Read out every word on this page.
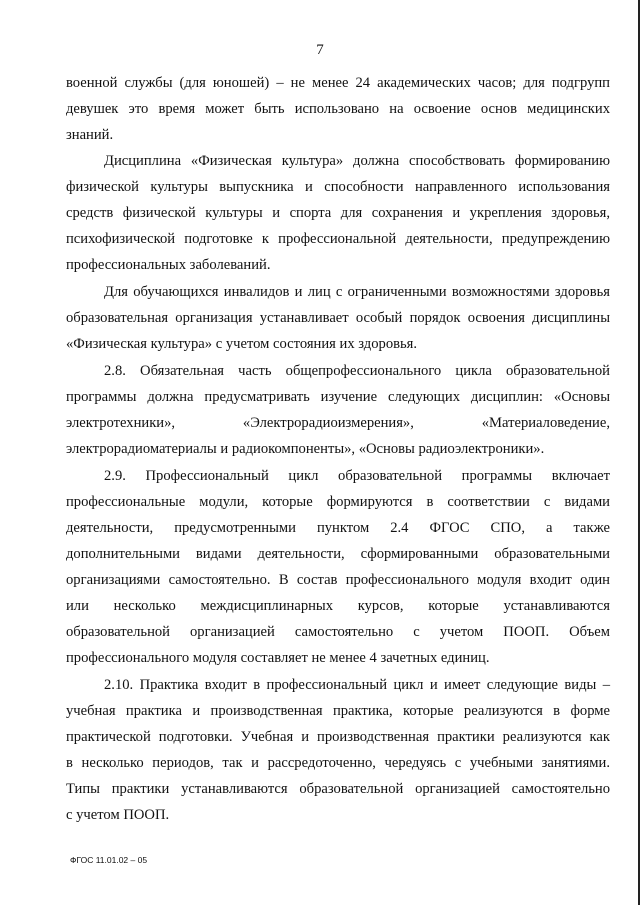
7
военной службы (для юношей) – не менее 24 академических часов; для подгрупп
девушек это время может быть использовано на освоение основ медицинских
знаний.
Дисциплина «Физическая культура» должна способствовать формированию
физической культуры выпускника и способности направленного использования
средств физической культуры и спорта для сохранения и укрепления здоровья,
психофизической подготовке к профессиональной деятельности, предупреждению
профессиональных заболеваний.
Для обучающихся инвалидов и лиц с ограниченными возможностями здоровья
образовательная организация устанавливает особый порядок освоения дисциплины
«Физическая культура» с учетом состояния их здоровья.
2.8. Обязательная часть общепрофессионального цикла образовательной
программы должна предусматривать изучение следующих дисциплин: «Основы
электротехники», «Электрорадиоизмерения», «Материаловедение,
электрорадиоматериалы и радиокомпоненты», «Основы радиоэлектроники».
2.9. Профессиональный цикл образовательной программы включает
профессиональные модули, которые формируются в соответствии с видами
деятельности, предусмотренными пунктом 2.4 ФГОС СПО, а также
дополнительными видами деятельности, сформированными образовательными
организациями самостоятельно. В состав профессионального модуля входит один
или несколько междисциплинарных курсов, которые устанавливаются
образовательной организацией самостоятельно с учетом ПООП. Объем
профессионального модуля составляет не менее 4 зачетных единиц.
2.10. Практика входит в профессиональный цикл и имеет следующие виды –
учебная практика и производственная практика, которые реализуются в форме
практической подготовки. Учебная и производственная практики реализуются как
в несколько периодов, так и рассредоточенно, чередуясь с учебными занятиями.
Типы практики устанавливаются образовательной организацией самостоятельно
с учетом ПООП.
ФГОС 11.01.02 – 05
